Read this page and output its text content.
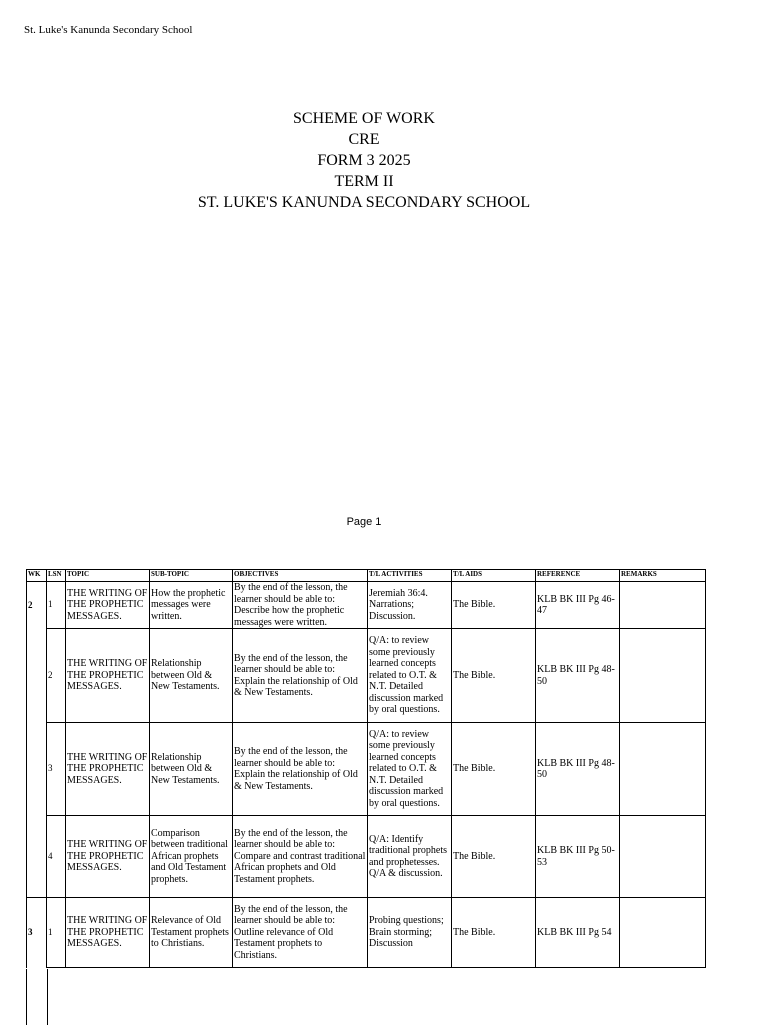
St. Luke's Kanunda Secondary School
SCHEME OF WORK
CRE
FORM 3 2025
TERM II
ST. LUKE'S KANUNDA SECONDARY SCHOOL
Page 1
WK	LSN	TOPIC	SUB-TOPIC	OBJECTIVES	T/L ACTIVITIES	T/L AIDS	REFERENCE	REMARKS
2	1	THE WRITING OF THE PROPHETIC MESSAGES.	How the prophetic messages were written.	By the end of the lesson, the learner should be able to: Describe how the prophetic messages were written.	Jeremiah 36:4. Narrations; Discussion.	The Bible.	KLB BK III Pg 46-47	
	2	THE WRITING OF THE PROPHETIC MESSAGES.	Relationship between Old & New Testaments.	By the end of the lesson, the learner should be able to: Explain the relationship of Old & New Testaments.	Q/A: to review some previously learned concepts related to O.T. & N.T. Detailed discussion marked by oral questions.	The Bible.	KLB BK III Pg 48-50	
	3	THE WRITING OF THE PROPHETIC MESSAGES.	Relationship between Old & New Testaments.	By the end of the lesson, the learner should be able to: Explain the relationship of Old & New Testaments.	Q/A: to review some previously learned concepts related to O.T. & N.T. Detailed discussion marked by oral questions.	The Bible.	KLB BK III Pg 48-50	
	4	THE WRITING OF THE PROPHETIC MESSAGES.	Comparison between traditional African prophets and Old Testament prophets.	By the end of the lesson, the learner should be able to: Compare and contrast traditional African prophets and Old Testament prophets.	Q/A: Identify traditional prophets and prophetesses. Q/A & discussion.	The Bible.	KLB BK III Pg 50-53	
3	1	THE WRITING OF THE PROPHETIC MESSAGES.	Relevance of Old Testament prophets to Christians.	By the end of the lesson, the learner should be able to: Outline relevance of Old Testament prophets to Christians.	Probing questions; Brain storming; Discussion	The Bible.	KLB BK III Pg 54	
